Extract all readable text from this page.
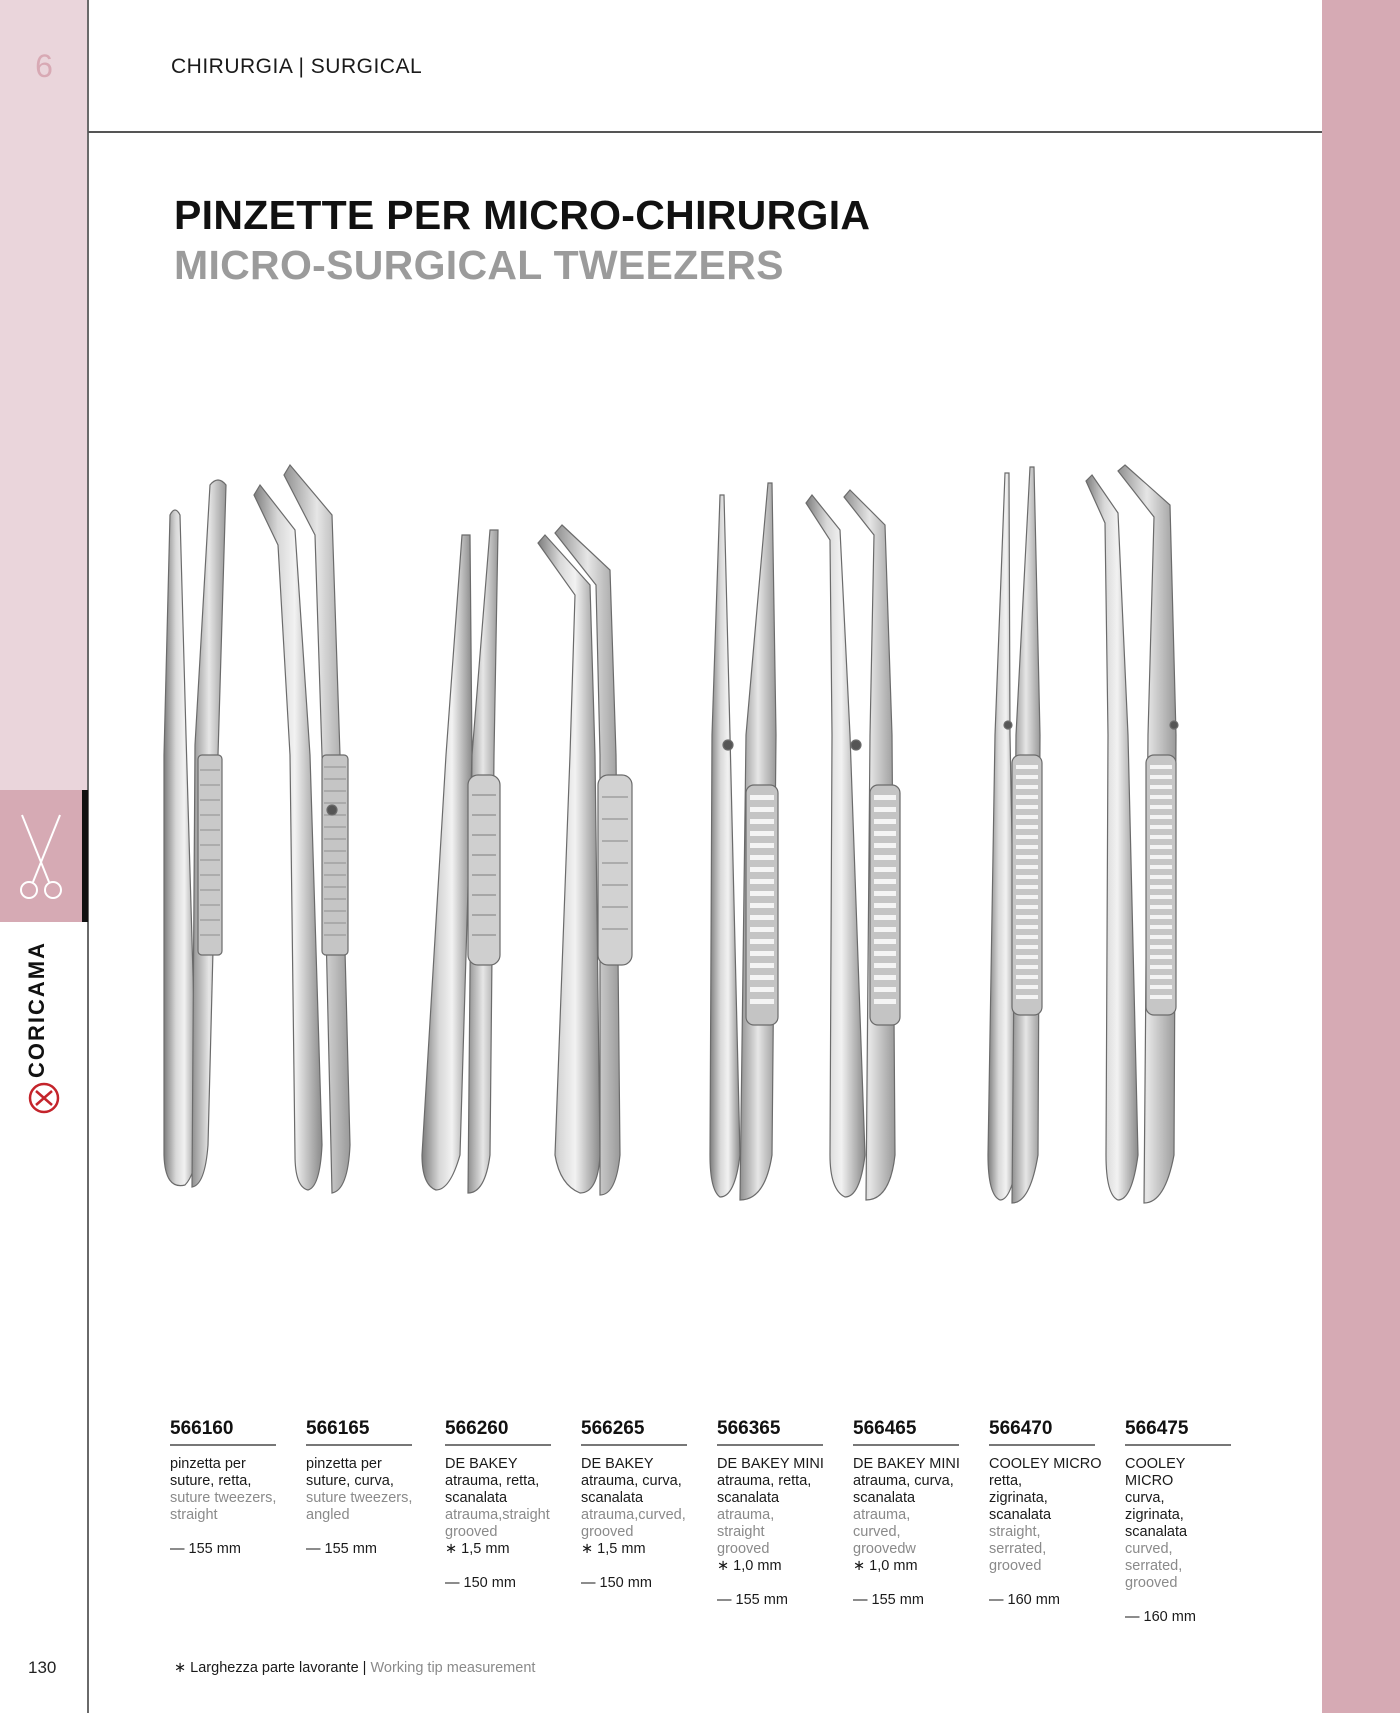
6
CORICAMA
130
CHIRURGIA | SURGICAL
PINZETTE PER MICRO-CHIRURGIA
MICRO-SURGICAL TWEEZERS
566160
pinzetta per
suture, retta,
suture tweezers,
straight
— 155 mm
566165
pinzetta per
suture, curva,
suture tweezers,
angled
— 155 mm
566260
DE BAKEY
atrauma, retta,
scanalata
atrauma,straight
grooved
∗ 1,5 mm
— 150 mm
566265
DE BAKEY
atrauma, curva,
scanalata
atrauma,curved,
grooved
∗ 1,5 mm
— 150 mm
566365
DE BAKEY MINI
atrauma, retta,
scanalata
atrauma,
straight
grooved
∗ 1,0 mm
— 155 mm
566465
DE BAKEY MINI
atrauma, curva,
scanalata
atrauma,
curved,
groovedw
∗ 1,0 mm
— 155 mm
566470
COOLEY MICRO
retta,
zigrinata,
scanalata
straight,
serrated,
grooved
— 160 mm
566475
COOLEY
MICRO
curva,
zigrinata,
scanalata
curved,
serrated,
grooved
— 160 mm
∗ Larghezza parte lavorante | Working tip measurement
